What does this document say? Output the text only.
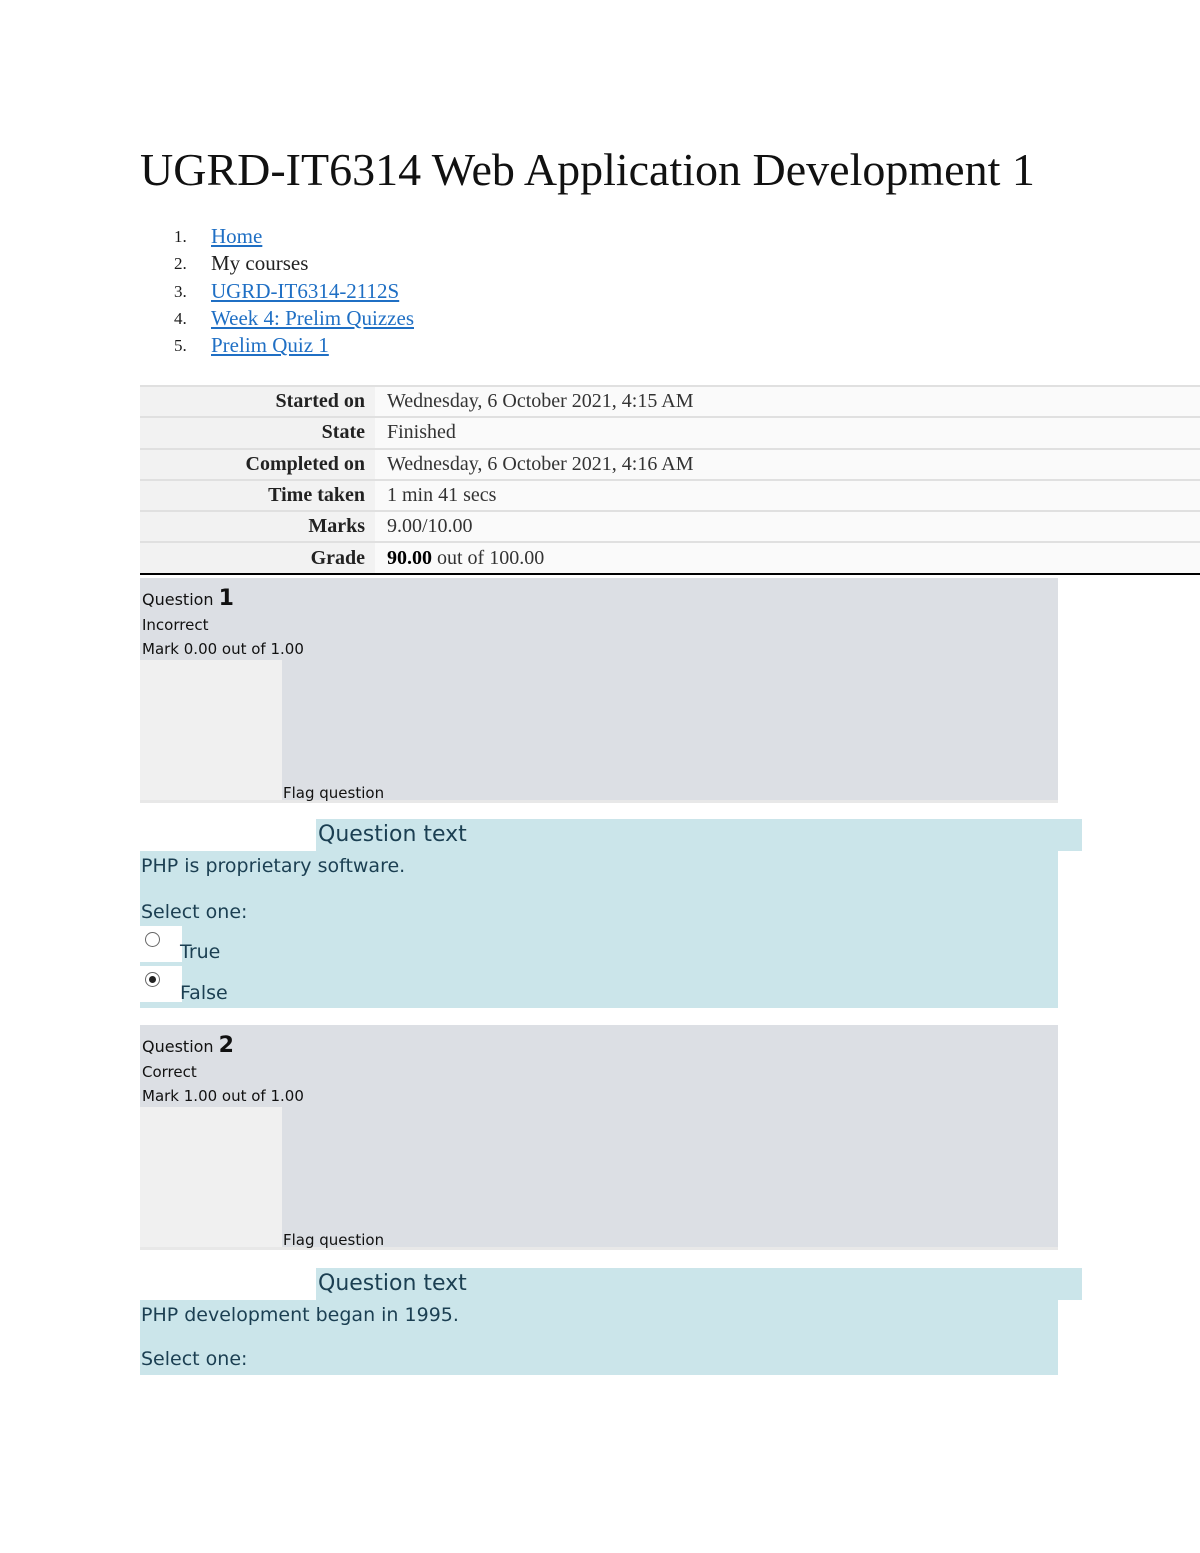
UGRD-IT6314 Web Application Development 1
1.	Home
2.	My courses
3.	UGRD-IT6314-2112S
4.	Week 4: Prelim Quizzes
5.	Prelim Quiz 1
Started on	Wednesday, 6 October 2021, 4:15 AM
State	Finished
Completed on	Wednesday, 6 October 2021, 4:16 AM
Time taken	1 min 41 secs
Marks	9.00/10.00
Grade	90.00 out of 100.00
Question 1
Incorrect
Mark 0.00 out of 1.00
Flag question
Question text
PHP is proprietary software.
Select one:
True
False
Question 2
Correct
Mark 1.00 out of 1.00
Flag question
Question text
PHP development began in 1995.
Select one:
